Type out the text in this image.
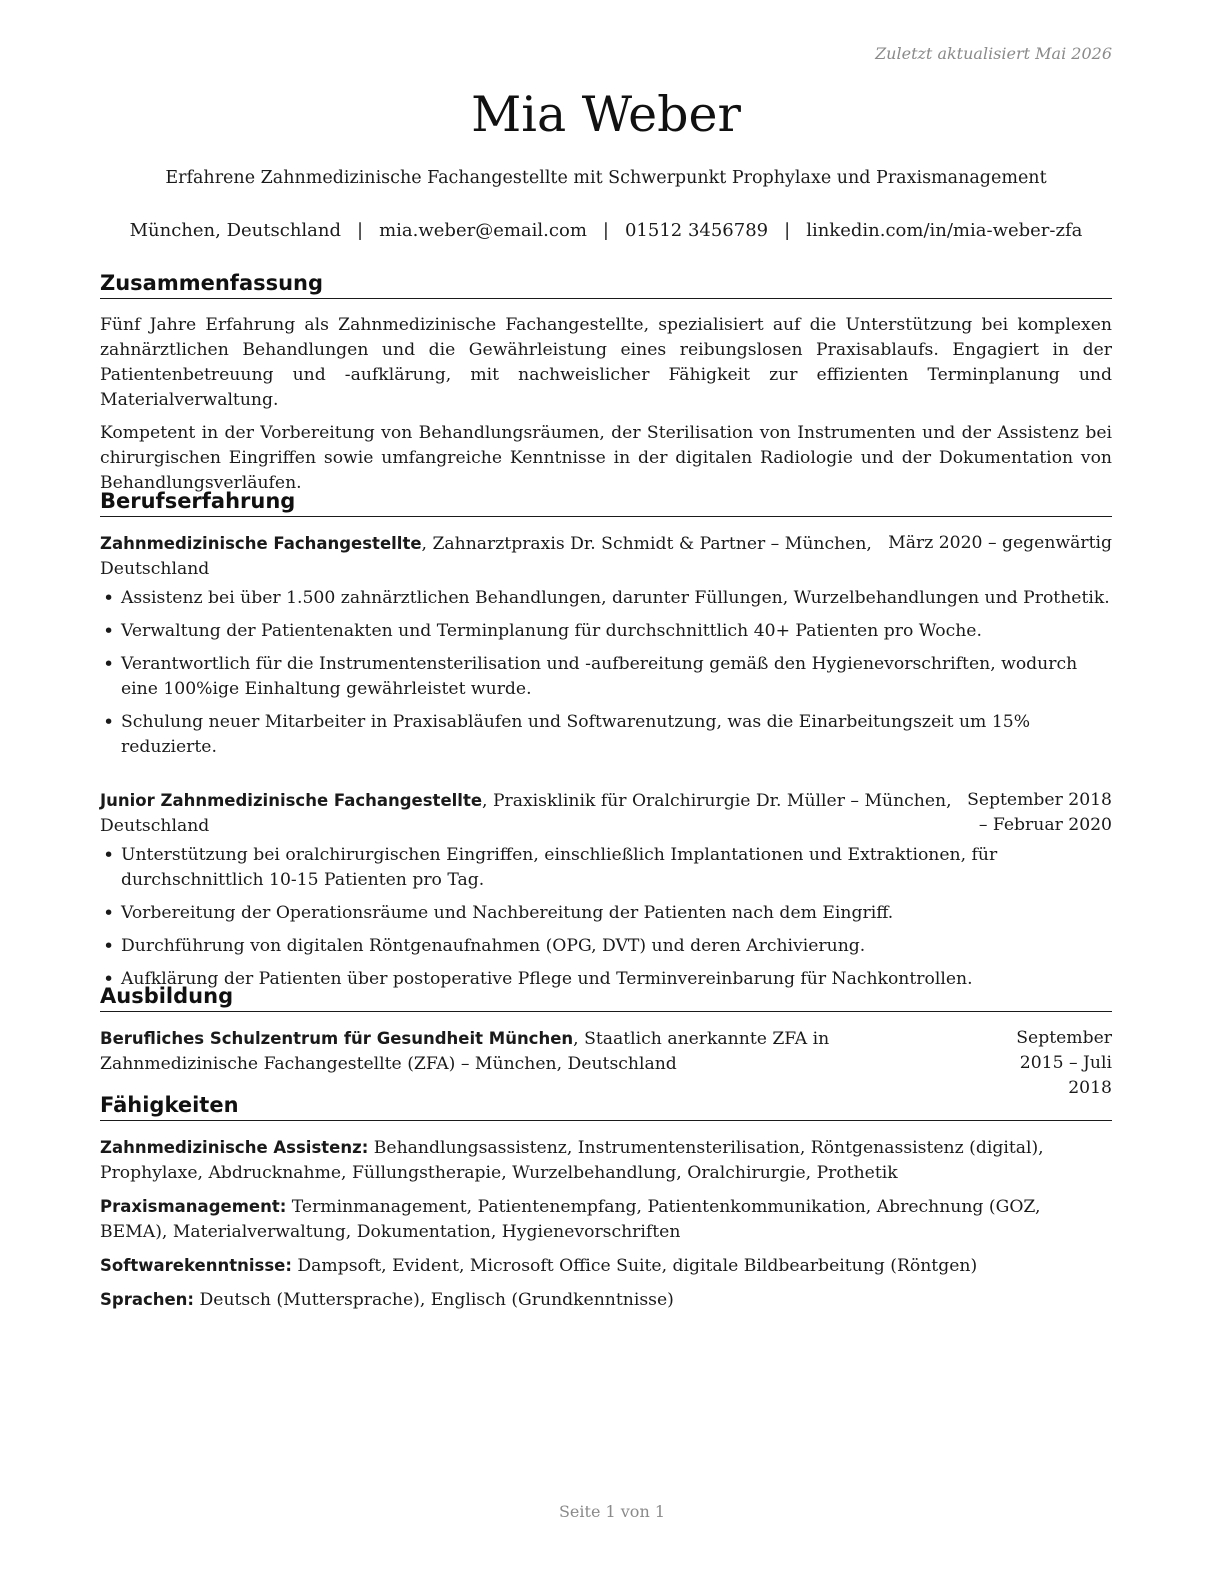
Zuletzt aktualisiert Mai 2026
Mia Weber
Erfahrene Zahnmedizinische Fachangestellte mit Schwerpunkt Prophylaxe und Praxismanagement
München, Deutschland | mia.weber@email.com | 01512 3456789 | linkedin.com/in/mia-weber-zfa
Zusammenfassung

Fünf Jahre Erfahrung als Zahnmedizinische Fachangestellte, spezialisiert auf die Unterstützung bei komplexen zahnärztlichen Behandlungen und die Gewährleistung eines reibungslosen Praxisablaufs. Engagiert in der Patientenbetreuung und -aufklärung, mit nachweislicher Fähigkeit zur effizienten Terminplanung und Materialverwaltung.

Kompetent in der Vorbereitung von Behandlungsräumen, der Sterilisation von Instrumenten und der Assistenz bei chirurgischen Eingriffen sowie umfangreiche Kenntnisse in der digitalen Radiologie und der Dokumentation von Behandlungsverläufen.

Berufserfahrung
Zahnmedizinische Fachangestellte, Zahnarztpraxis Dr. Schmidt & Partner – München, Deutschland
März 2020 – gegenwärtig
• Assistenz bei über 1.500 zahnärztlichen Behandlungen, darunter Füllungen, Wurzelbehandlungen und Prothetik.
• Verwaltung der Patientenakten und Terminplanung für durchschnittlich 40+ Patienten pro Woche.
• Verantwortlich für die Instrumentensterilisation und -aufbereitung gemäß den Hygienevorschriften, wodurch eine 100%ige Einhaltung gewährleistet wurde.
• Schulung neuer Mitarbeiter in Praxisabläufen und Softwarenutzung, was die Einarbeitungszeit um 15% reduzierte.
Junior Zahnmedizinische Fachangestellte, Praxisklinik für Oralchirurgie Dr. Müller – München, Deutschland
September 2018 – Februar 2020
• Unterstützung bei oralchirurgischen Eingriffen, einschließlich Implantationen und Extraktionen, für durchschnittlich 10-15 Patienten pro Tag.
• Vorbereitung der Operationsräume und Nachbereitung der Patienten nach dem Eingriff.
• Durchführung von digitalen Röntgenaufnahmen (OPG, DVT) und deren Archivierung.
• Aufklärung der Patienten über postoperative Pflege und Terminvereinbarung für Nachkontrollen.
Ausbildung
Berufliches Schulzentrum für Gesundheit München, Staatlich anerkannte ZFA in Zahnmedizinische Fachangestellte (ZFA) – München, Deutschland
September 2015 – Juli 2018
Fähigkeiten

Zahnmedizinische Assistenz: Behandlungsassistenz, Instrumentensterilisation, Röntgenassistenz (digital), Prophylaxe, Abdrucknahme, Füllungstherapie, Wurzelbehandlung, Oralchirurgie, Prothetik

Praxismanagement: Terminmanagement, Patientenempfang, Patientenkommunikation, Abrechnung (GOZ, BEMA), Materialverwaltung, Dokumentation, Hygienevorschriften

Softwarekenntnisse: Dampsoft, Evident, Microsoft Office Suite, digitale Bildbearbeitung (Röntgen)

Sprachen: Deutsch (Muttersprache), Englisch (Grundkenntnisse)

Seite 1 von 1
